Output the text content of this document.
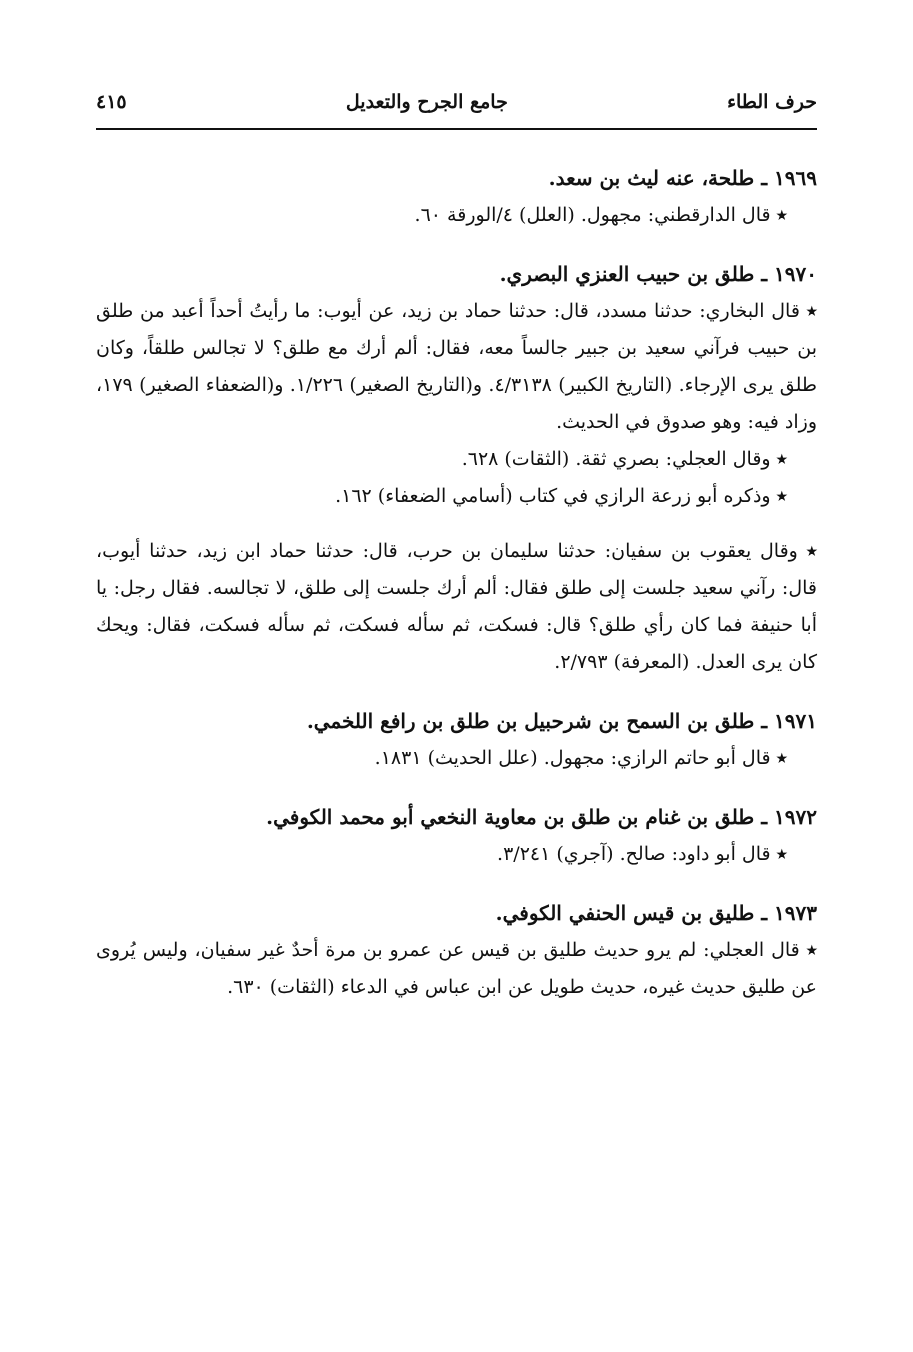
حرف الطاء
جامع الجرح والتعديل
٤١٥

١٩٦٩ ـ طلحة، عنه ليث بن سعد.

٭ قال الدارقطني: مجهول. (العلل) ٤/الورقة ٦٠.

١٩٧٠ ـ طلق بن حبيب العنزي البصري.

٭ قال البخاري: حدثنا مسدد، قال: حدثنا حماد بن زيد، عن أيوب: ما رأيتُ أحداً أعبد من طلق بن حبيب فرآني سعيد بن جبير جالساً معه، فقال: ألم أرك مع طلق؟ لا تجالس طلقاً، وكان طلق يرى الإرجاء. (التاريخ الكبير) ٤/٣١٣٨. و(التاريخ الصغير) ١/٢٢٦. و(الضعفاء الصغير) ١٧٩، وزاد فيه: وهو صدوق في الحديث.

٭ وقال العجلي: بصري ثقة. (الثقات) ٦٢٨.

٭ وذكره أبو زرعة الرازي في كتاب (أسامي الضعفاء) ١٦٢.

٭ وقال يعقوب بن سفيان: حدثنا سليمان بن حرب، قال: حدثنا حماد ابن زيد، حدثنا أيوب، قال: رآني سعيد جلست إلى طلق فقال: ألم أرك جلست إلى طلق، لا تجالسه. فقال رجل: يا أبا حنيفة فما كان رأي طلق؟ قال: فسكت، ثم سأله فسكت، ثم سأله فسكت، فقال: ويحك كان يرى العدل. (المعرفة) ٢/٧٩٣.

١٩٧١ ـ طلق بن السمح بن شرحبيل بن طلق بن رافع اللخمي.

٭ قال أبو حاتم الرازي: مجهول. (علل الحديث) ١٨٣١.

١٩٧٢ ـ طلق بن غنام بن طلق بن معاوية النخعي أبو محمد الكوفي.

٭ قال أبو داود: صالح. (آجري) ٣/٢٤١.

١٩٧٣ ـ طليق بن قيس الحنفي الكوفي.

٭ قال العجلي: لم يرو حديث طليق بن قيس عن عمرو بن مرة أحدٌ غير سفيان، وليس يُروى عن طليق حديث غيره، حديث طويل عن ابن عباس في الدعاء (الثقات) ٦٣٠.
